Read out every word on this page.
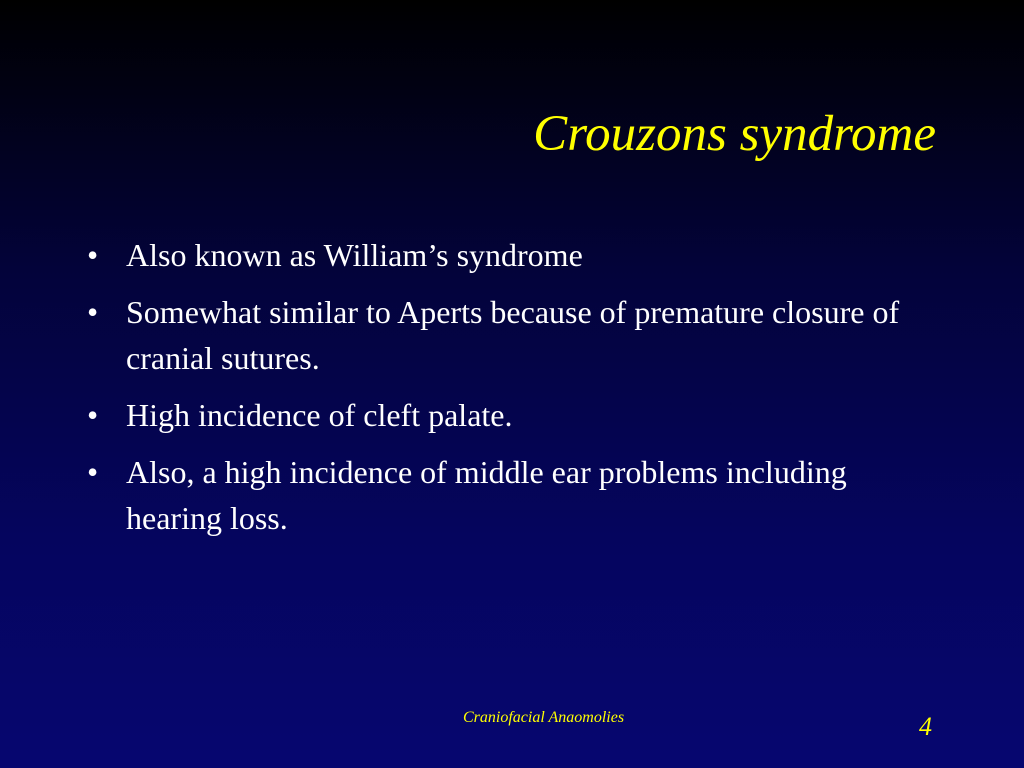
Crouzons syndrome
• Also known as William’s syndrome
• Somewhat similar to Aperts because of premature closure of cranial sutures.
• High incidence of cleft palate.
• Also, a high incidence of middle ear problems including hearing loss.
Craniofacial Anaomolies	4
